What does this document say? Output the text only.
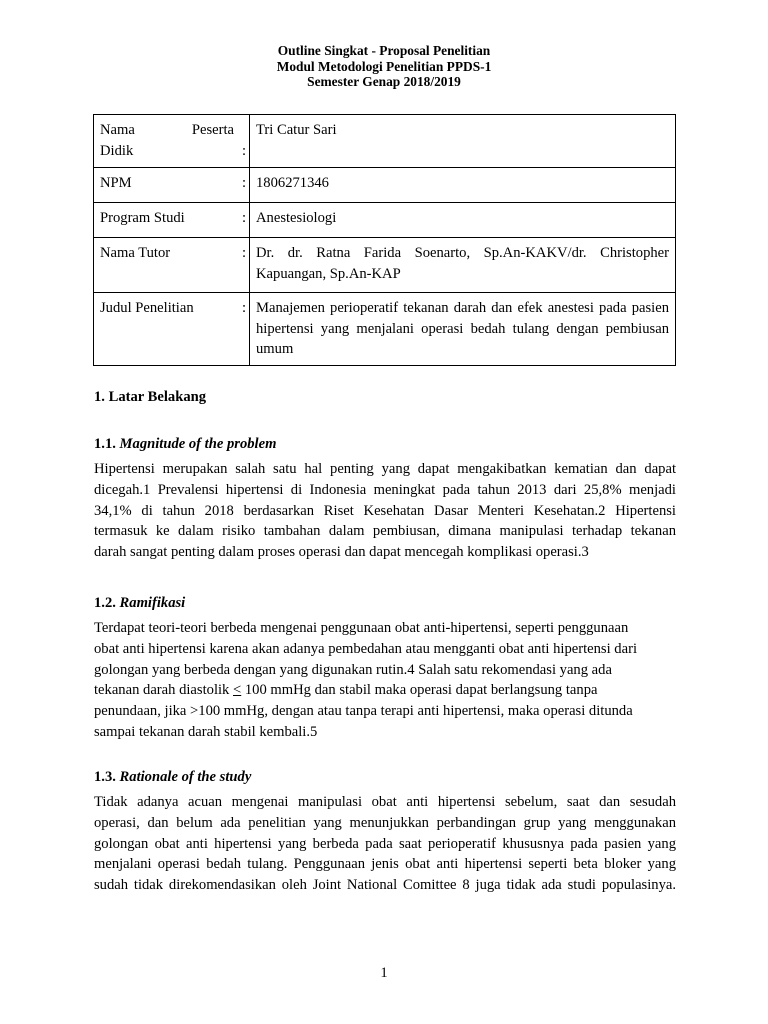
Outline Singkat - Proposal Penelitian
Modul Metodologi Penelitian PPDS-1
Semester Genap 2018/2019
Nama Peserta
Didik	:	Tri Catur Sari
NPM	:	1806271346
Program Studi	:	Anestesiologi
Nama Tutor	:	Dr. dr. Ratna Farida Soenarto, Sp.An-KAKV/dr. Christopher
Kapuangan, Sp.An-KAP

Judul Penelitian	:	Manajemen perioperatif tekanan darah dan efek anestesi pada pasien
hipertensi yang menjalani operasi bedah tulang dengan pembiusan
umum
1. Latar Belakang
1.1. Magnitude of the problem
Hipertensi merupakan salah satu hal penting yang dapat mengakibatkan kematian dan dapat
dicegah.1 Prevalensi hipertensi di Indonesia meningkat pada tahun 2013 dari 25,8% menjadi
34,1% di tahun 2018 berdasarkan Riset Kesehatan Dasar Menteri Kesehatan.2 Hipertensi
termasuk ke dalam risiko tambahan dalam pembiusan, dimana manipulasi terhadap tekanan
darah sangat penting dalam proses operasi dan dapat mencegah komplikasi operasi.3
1.2. Ramifikasi
Terdapat teori-teori berbeda mengenai penggunaan obat anti-hipertensi, seperti penggunaan
obat anti hipertensi karena akan adanya pembedahan atau mengganti obat anti hipertensi dari
golongan yang berbeda dengan yang digunakan rutin.4 Salah satu rekomendasi yang ada
tekanan darah diastolik < 100 mmHg dan stabil maka operasi dapat berlangsung tanpa
penundaan, jika >100 mmHg, dengan atau tanpa terapi anti hipertensi, maka operasi ditunda
sampai tekanan darah stabil kembali.5
1.3. Rationale of the study
Tidak adanya acuan mengenai manipulasi obat anti hipertensi sebelum, saat dan sesudah
operasi, dan belum ada penelitian yang menunjukkan perbandingan grup yang menggunakan
golongan obat anti hipertensi yang berbeda pada saat perioperatif khususnya pada pasien yang
menjalani operasi bedah tulang. Penggunaan jenis obat anti hipertensi seperti beta bloker yang
sudah tidak direkomendasikan oleh Joint National Comittee 8 juga tidak ada studi populasinya.
1
